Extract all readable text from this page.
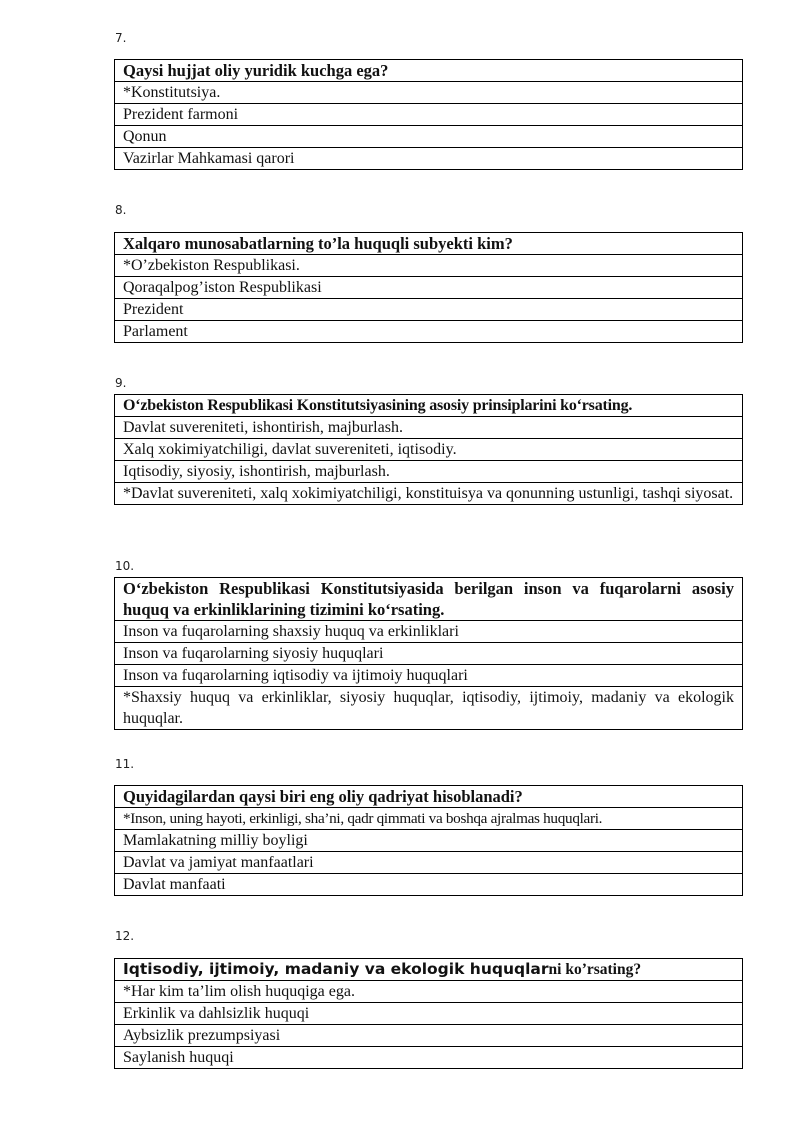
7.
Qaysi hujjat oliy yuridik kuchga ega?
*Konstitutsiya.
Prezident farmoni
Qonun
Vazirlar Mahkamasi qarori
8.
Xalqaro munosabatlarning to’la huquqli subyekti kim?
*O’zbekiston Respublikasi.
Qoraqalpog’iston Respublikasi
Prezident
Parlament
9.
O‘zbekiston Respublikasi Konstitutsiyasining asosiy prinsiplarini ko‘rsating.
Davlat suvereniteti, ishontirish, majburlash.
Xalq xokimiyatchiligi, davlat suvereniteti, iqtisodiy.
Iqtisodiy, siyosiy, ishontirish, majburlash.
*Davlat suvereniteti, xalq xokimiyatchiligi, konstituisya va qonunning ustunligi, tashqi siyosat.
10.
O‘zbekiston Respublikasi Konstitutsiyasida berilgan inson va fuqarolarni asosiy huquq va erkinliklarining tizimini ko‘rsating.
Inson va fuqarolarning shaxsiy huquq va erkinliklari
Inson va fuqarolarning siyosiy huquqlari
Inson va fuqarolarning iqtisodiy va ijtimoiy huquqlari
*Shaxsiy huquq va erkinliklar, siyosiy huquqlar, iqtisodiy, ijtimoiy, madaniy va ekologik huquqlar.
11.
Quyidagilardan qaysi biri eng oliy qadriyat hisoblanadi?
*Inson, uning hayoti, erkinligi, sha’ni, qadr qimmati va boshqa ajralmas huquqlari.
Mamlakatning milliy boyligi
Davlat va jamiyat manfaatlari
Davlat manfaati
12.
Iqtisodiy, ijtimoiy, madaniy va ekologik huquqlarni ko’rsating?
*Har kim ta’lim olish huquqiga ega.
Erkinlik va dahlsizlik huquqi
Aybsizlik prezumpsiyasi
Saylanish huquqi
